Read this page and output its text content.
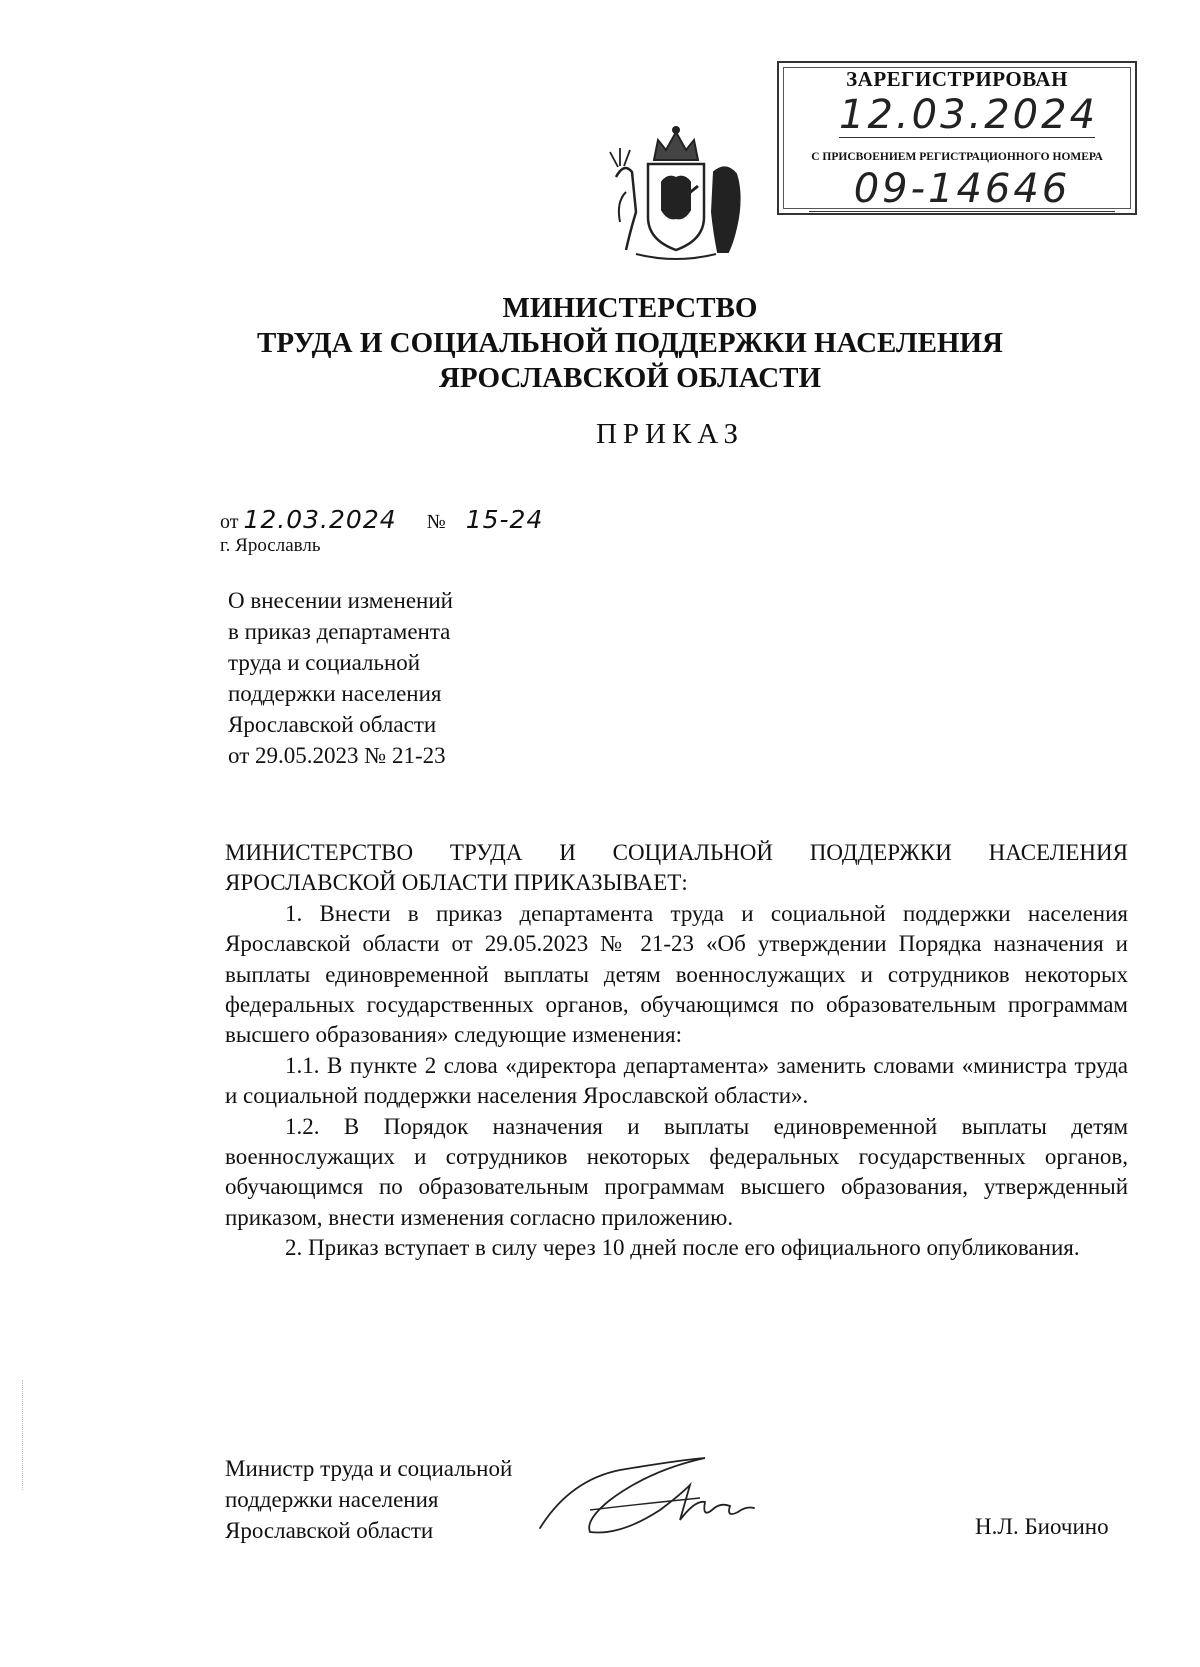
ЗАРЕГИСТРИРОВАН
12.03.2024
С ПРИСВОЕНИЕМ РЕГИСТРАЦИОННОГО НОМЕРА
09-14646
МИНИСТЕРСТВО
ТРУДА И СОЦИАЛЬНОЙ ПОДДЕРЖКИ НАСЕЛЕНИЯ
ЯРОСЛАВСКОЙ ОБЛАСТИ
ПРИКАЗ
от 12.03.2024 № 15-24
г. Ярославль
О внесении изменений
в приказ департамента
труда и социальной
поддержки населения
Ярославской области
от 29.05.2023 № 21-23

МИНИСТЕРСТВО ТРУДА И СОЦИАЛЬНОЙ ПОДДЕРЖКИ НАСЕЛЕНИЯ ЯРОСЛАВСКОЙ ОБЛАСТИ ПРИКАЗЫВАЕТ:

1. Внести в приказ департамента труда и социальной поддержки населения Ярославской области от 29.05.2023 № 21-23 «Об утверждении Порядка назначения и выплаты единовременной выплаты детям военнослужащих и сотрудников некоторых федеральных государственных органов, обучающимся по образовательным программам высшего образования» следующие изменения:

1.1. В пункте 2 слова «директора департамента» заменить словами «министра труда и социальной поддержки населения Ярославской области».

1.2. В Порядок назначения и выплаты единовременной выплаты детям военнослужащих и сотрудников некоторых федеральных государственных органов, обучающимся по образовательным программам высшего образования, утвержденный приказом, внести изменения согласно приложению.

2. Приказ вступает в силу через 10 дней после его официального опубликования.

Министр труда и социальной
поддержки населения
Ярославской области	Н.Л. Биочино
